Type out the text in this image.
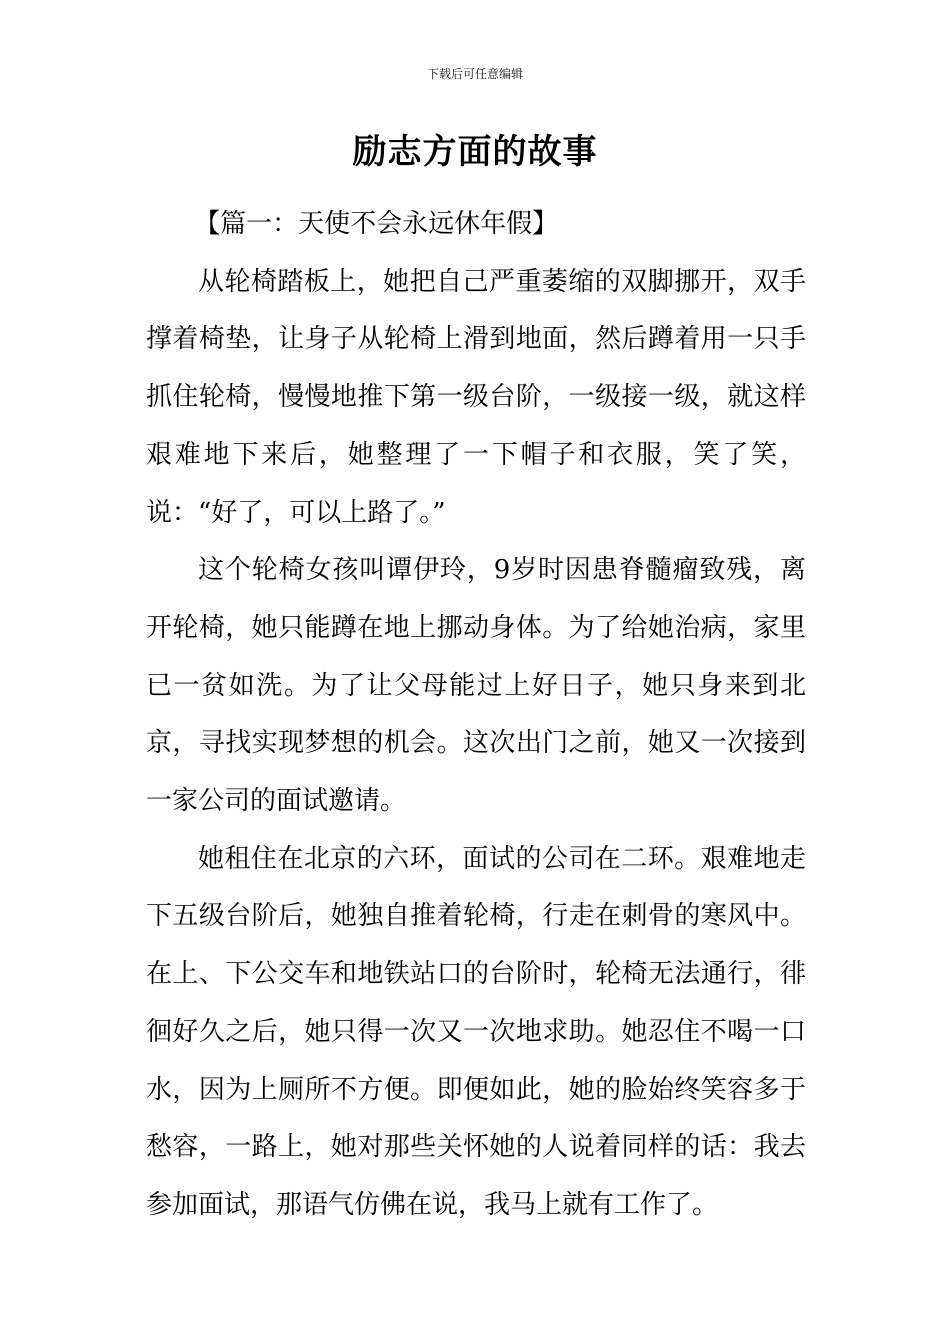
下载后可任意编辑
励志方面的故事

【篇一：天使不会永远休年假】

从轮椅踏板上，她把自己严重萎缩的双脚挪开，双手撑着椅垫，让身子从轮椅上滑到地面，然后蹲着用一只手抓住轮椅，慢慢地推下第一级台阶，一级接一级，就这样艰难地下来后，她整理了一下帽子和衣服，笑了笑，说：“好了，可以上路了。”

这个轮椅女孩叫谭伊玲，9岁时因患脊髓瘤致残，离开轮椅，她只能蹲在地上挪动身体。为了给她治病，家里已一贫如洗。为了让父母能过上好日子，她只身来到北京，寻找实现梦想的机会。这次出门之前，她又一次接到一家公司的面试邀请。

她租住在北京的六环，面试的公司在二环。艰难地走下五级台阶后，她独自推着轮椅，行走在刺骨的寒风中。在上、下公交车和地铁站口的台阶时，轮椅无法通行，徘徊好久之后，她只得一次又一次地求助。她忍住不喝一口水，因为上厕所不方便。即便如此，她的脸始终笑容多于愁容，一路上，她对那些关怀她的人说着同样的话：我去参加面试，那语气仿佛在说，我马上就有工作了。
